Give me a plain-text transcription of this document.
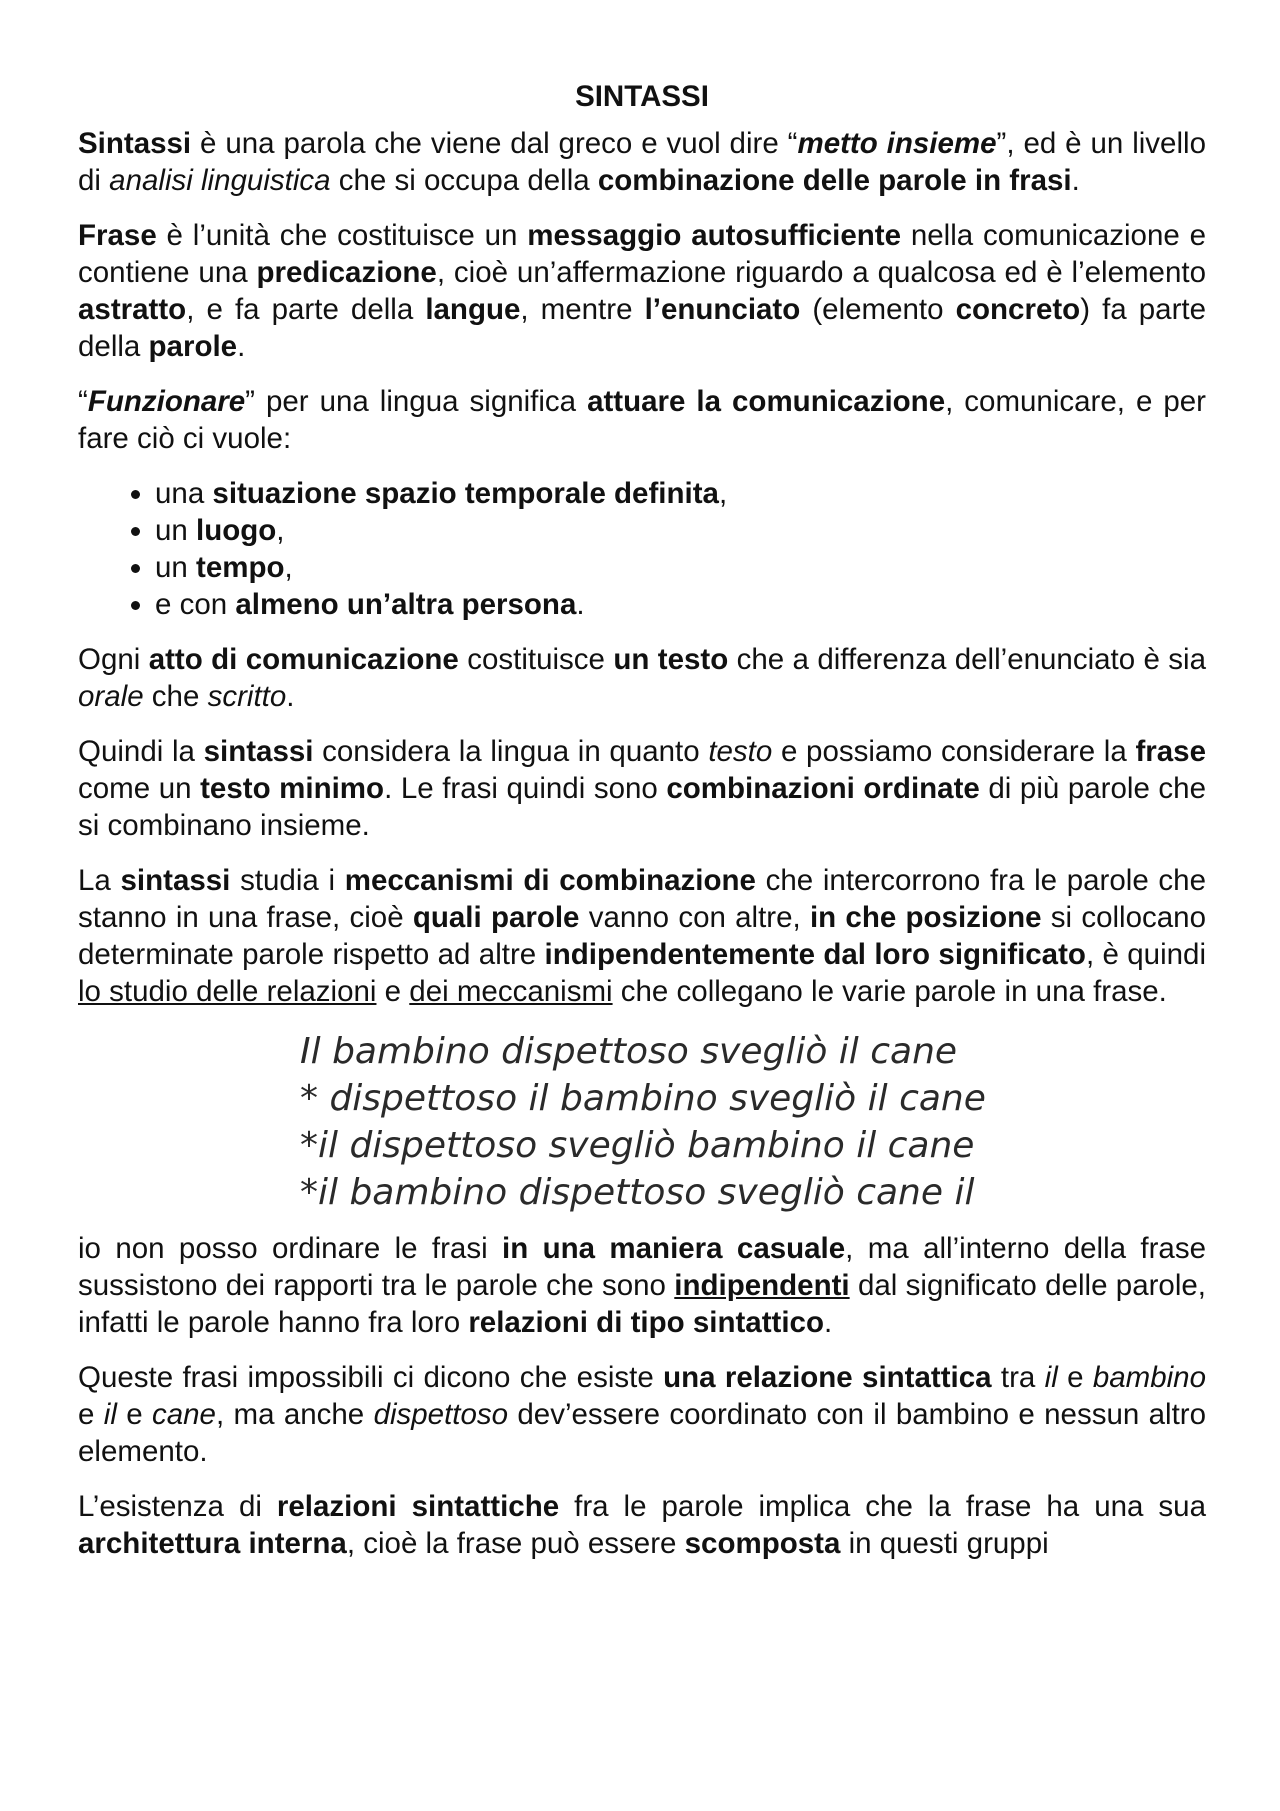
SINTASSI

Sintassi è una parola che viene dal greco e vuol dire “metto insieme”, ed è un livello di analisi linguistica che si occupa della combinazione delle parole in frasi.

Frase è l’unità che costituisce un messaggio autosufficiente nella comunicazione e contiene una predicazione, cioè un’affermazione riguardo a qualcosa ed è l’elemento astratto, e fa parte della langue, mentre l’enunciato (elemento concreto) fa parte della parole.

“Funzionare” per una lingua significa attuare la comunicazione, comunicare, e per fare ciò ci vuole:

• una situazione spazio temporale definita,
• un luogo,
• un tempo,
• e con almeno un’altra persona.

Ogni atto di comunicazione costituisce un testo che a differenza dell’enunciato è sia orale che scritto.

Quindi la sintassi considera la lingua in quanto testo e possiamo considerare la frase come un testo minimo. Le frasi quindi sono combinazioni ordinate di più parole che si combinano insieme.

La sintassi studia i meccanismi di combinazione che intercorrono fra le parole che stanno in una frase, cioè quali parole vanno con altre, in che posizione si collocano determinate parole rispetto ad altre indipendentemente dal loro significato, è quindi lo studio delle relazioni e dei meccanismi che collegano le varie parole in una frase.

Il bambino dispettoso svegliò il cane
* dispettoso il bambino svegliò il cane
*il dispettoso svegliò bambino il cane
*il bambino dispettoso svegliò cane il

io non posso ordinare le frasi in una maniera casuale, ma all’interno della frase sussistono dei rapporti tra le parole che sono indipendenti dal significato delle parole, infatti le parole hanno fra loro relazioni di tipo sintattico.

Queste frasi impossibili ci dicono che esiste una relazione sintattica tra il e bambino e il e cane, ma anche dispettoso dev’essere coordinato con il bambino e nessun altro elemento.

L’esistenza di relazioni sintattiche fra le parole implica che la frase ha una sua architettura interna, cioè la frase può essere scomposta in questi gruppi
